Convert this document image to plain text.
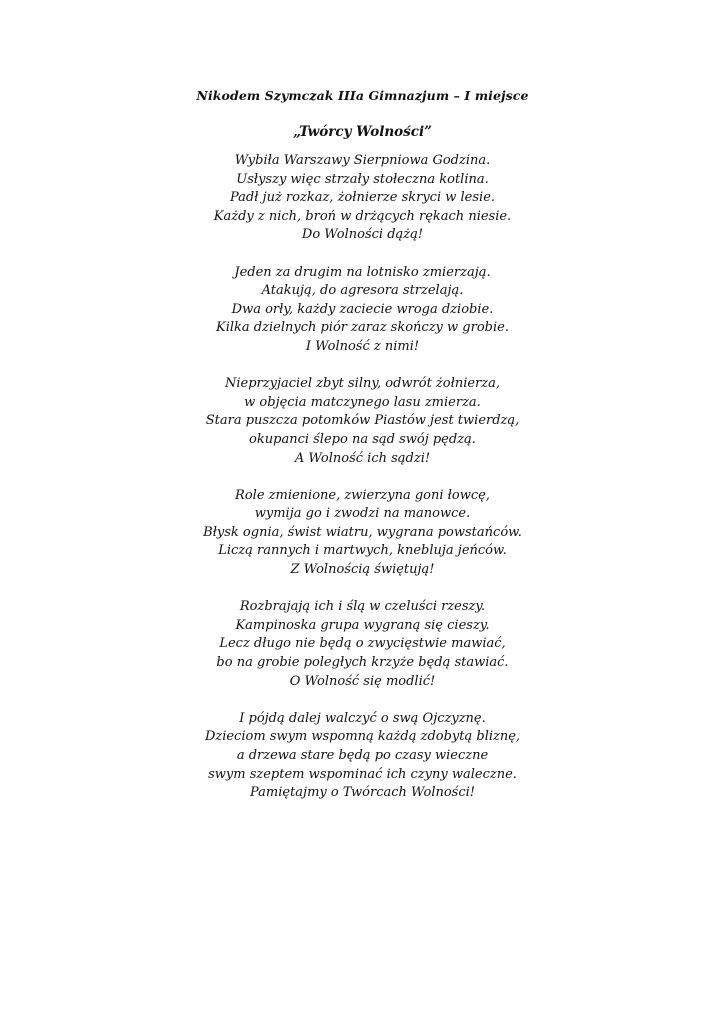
Nikodem Szymczak IIIa Gimnazjum – I miejsce
„Twórcy Wolności”
Wybiła Warszawy Sierpniowa Godzina.
Usłyszy więc strzały stołeczna kotlina.
Padł już rozkaz, żołnierze skryci w lesie.
Każdy z nich, broń w drżących rękach niesie.
Do Wolności dążą!
Jeden za drugim na lotnisko zmierzają.
Atakują, do agresora strzelają.
Dwa orły, każdy zaciecie wroga dziobie.
Kilka dzielnych piór zaraz skończy w grobie.
I Wolność z nimi!
Nieprzyjaciel zbyt silny, odwrót żołnierza,
w objęcia matczynego lasu zmierza.
Stara puszcza potomków Piastów jest twierdzą,
okupanci ślepo na sąd swój pędzą.
A Wolność ich sądzi!
Role zmienione, zwierzyna goni łowcę,
wymija go i zwodzi na manowce.
Błysk ognia, świst wiatru, wygrana powstańców.
Liczą rannych i martwych, knebluja jeńców.
Z Wolnością świętują!
Rozbrajają ich i ślą w czeluści rzeszy.
Kampinoska grupa wygraną się cieszy.
Lecz długo nie będą o zwycięstwie mawiać,
bo na grobie poległych krzyże będą stawiać.
O Wolność się modlić!
I pójdą dalej walczyć o swą Ojczyznę.
Dzieciom swym wspomną każdą zdobytą bliznę,
a drzewa stare będą po czasy wieczne
swym szeptem wspominać ich czyny waleczne.
Pamiętajmy o Twórcach Wolności!
